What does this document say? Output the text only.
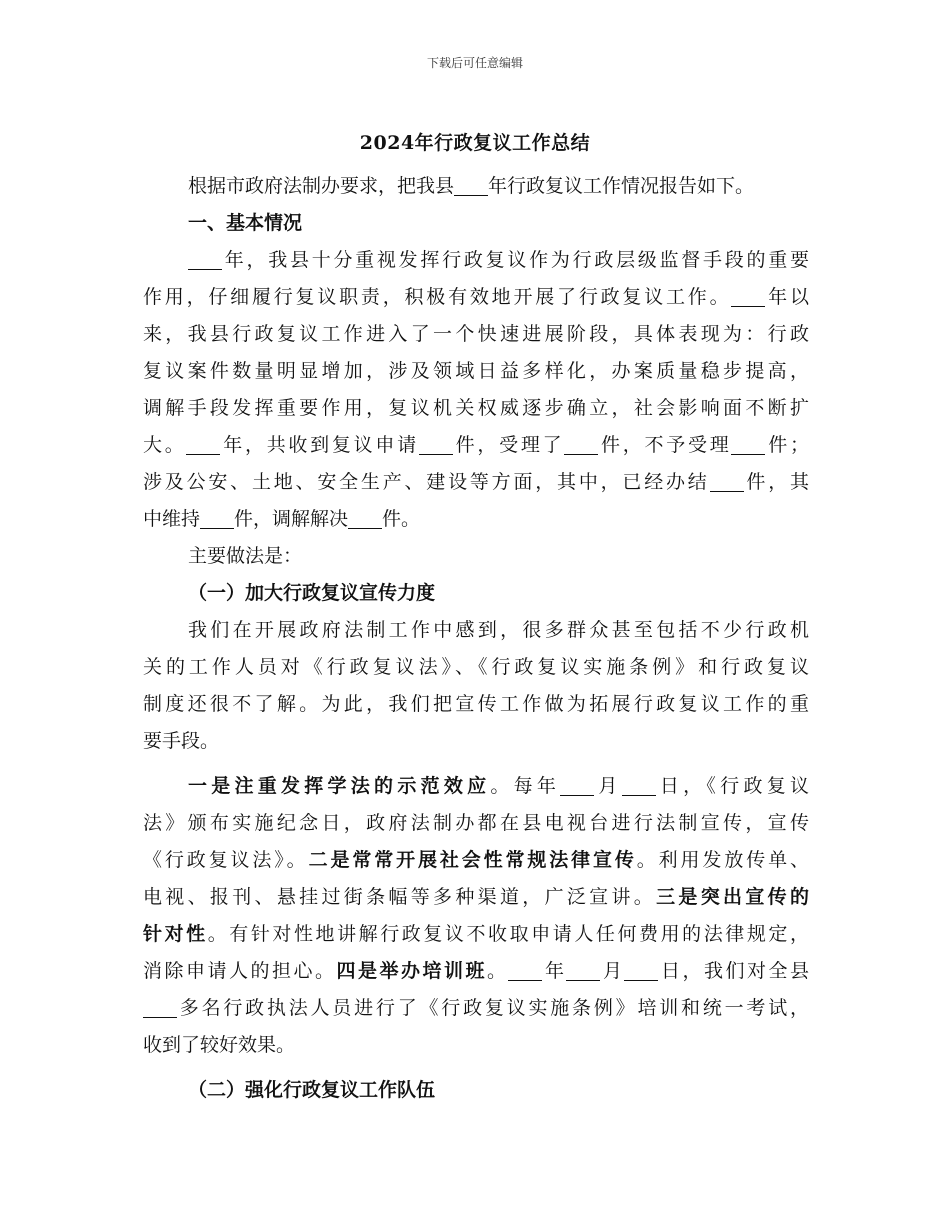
下载后可任意编辑
2024年行政复议工作总结
根据市政府法制办要求，把我县 年行政复议工作情况报告如下。
一、基本情况
年，我县十分重视发挥行政复议作为行政层级监督手段的重要
作用，仔细履行复议职责，积极有效地开展了行政复议工作。 年以
来，我县行政复议工作进入了一个快速进展阶段，具体表现为：行政
复议案件数量明显增加，涉及领域日益多样化，办案质量稳步提高，
调解手段发挥重要作用，复议机关权威逐步确立，社会影响面不断扩
大。 年，共收到复议申请 件，受理了 件，不予受理 件；
涉及公安、土地、安全生产、建设等方面，其中，已经办结 件，其
中维持 件，调解解决 件。
主要做法是：
（一）加大行政复议宣传力度
我们在开展政府法制工作中感到，很多群众甚至包括不少行政机
关的工作人员对《行政复议法》、《行政复议实施条例》和行政复议
制度还很不了解。为此，我们把宣传工作做为拓展行政复议工作的重
要手段。
一是注重发挥学法的示范效应。每年 月 日，《行政复议
法》颁布实施纪念日，政府法制办都在县电视台进行法制宣传，宣传
《行政复议法》。二是常常开展社会性常规法律宣传。利用发放传单、
电视、报刊、悬挂过街条幅等多种渠道，广泛宣讲。三是突出宣传的
针对性。有针对性地讲解行政复议不收取申请人任何费用的法律规定，
消除申请人的担心。四是举办培训班。 年 月 日，我们对全县
多名行政执法人员进行了《行政复议实施条例》培训和统一考试，
收到了较好效果。
（二）强化行政复议工作队伍
